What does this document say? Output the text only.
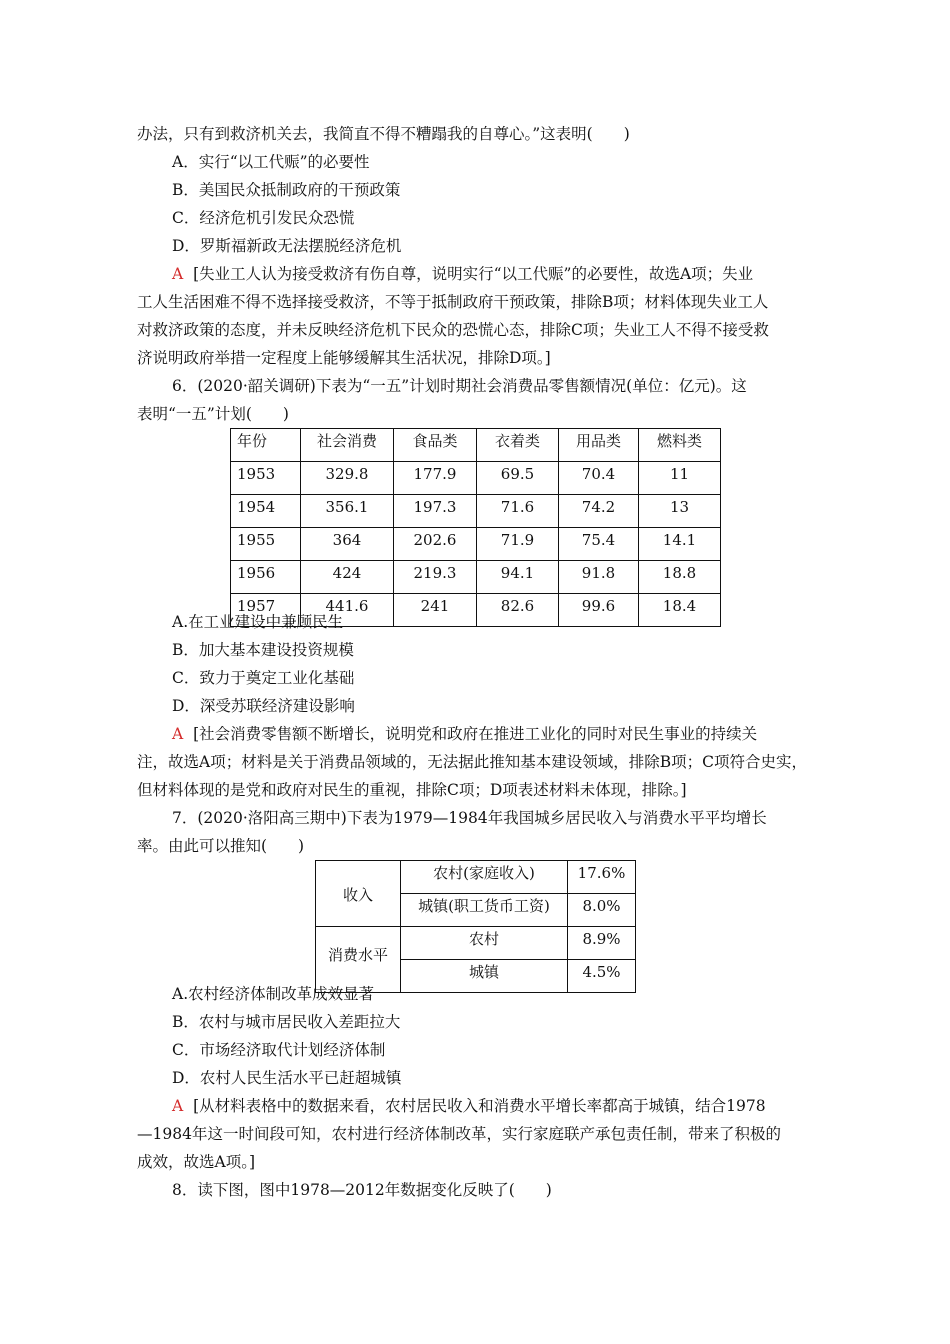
办法，只有到救济机关去，我简直不得不糟蹋我的自尊心。”这表明(　　)
A．实行“以工代赈”的必要性
B．美国民众抵制政府的干预政策
C．经济危机引发民众恐慌
D．罗斯福新政无法摆脱经济危机
A [失业工人认为接受救济有伤自尊，说明实行“以工代赈”的必要性，故选A项；失业
工人生活困难不得不选择接受救济，不等于抵制政府干预政策，排除B项；材料体现失业工人
对救济政策的态度，并未反映经济危机下民众的恐慌心态，排除C项；失业工人不得不接受救
济说明政府举措一定程度上能够缓解其生活状况，排除D项。]
6．(2020·韶关调研)下表为“一五”计划时期社会消费品零售额情况(单位：亿元)。这
表明“一五”计划(　　)
年份	社会消费	食品类	衣着类	用品类	燃料类
1953	329.8	177.9	69.5	70.4	11
1954	356.1	197.3	71.6	74.2	13
1955	364	202.6	71.9	75.4	14.1
1956	424	219.3	94.1	91.8	18.8
1957	441.6	241	82.6	99.6	18.4
A.在工业建设中兼顾民生
B．加大基本建设投资规模
C．致力于奠定工业化基础
D．深受苏联经济建设影响
A [社会消费零售额不断增长，说明党和政府在推进工业化的同时对民生事业的持续关
注，故选A项；材料是关于消费品领域的，无法据此推知基本建设领域，排除B项；C项符合史实，
但材料体现的是党和政府对民生的重视，排除C项；D项表述材料未体现，排除。]
7．(2020·洛阳高三期中)下表为1979—1984年我国城乡居民收入与消费水平平均增长
率。由此可以推知(　　)
收入	农村(家庭收入)	17.6%
	城镇(职工货币工资)	8.0%
消费水平	农村	8.9%
	城镇	4.5%
A.农村经济体制改革成效显著
B．农村与城市居民收入差距拉大
C．市场经济取代计划经济体制
D．农村人民生活水平已赶超城镇
A [从材料表格中的数据来看，农村居民收入和消费水平增长率都高于城镇，结合1978
—1984年这一时间段可知，农村进行经济体制改革，实行家庭联产承包责任制，带来了积极的
成效，故选A项。]
8．读下图，图中1978—2012年数据变化反映了(　　)
